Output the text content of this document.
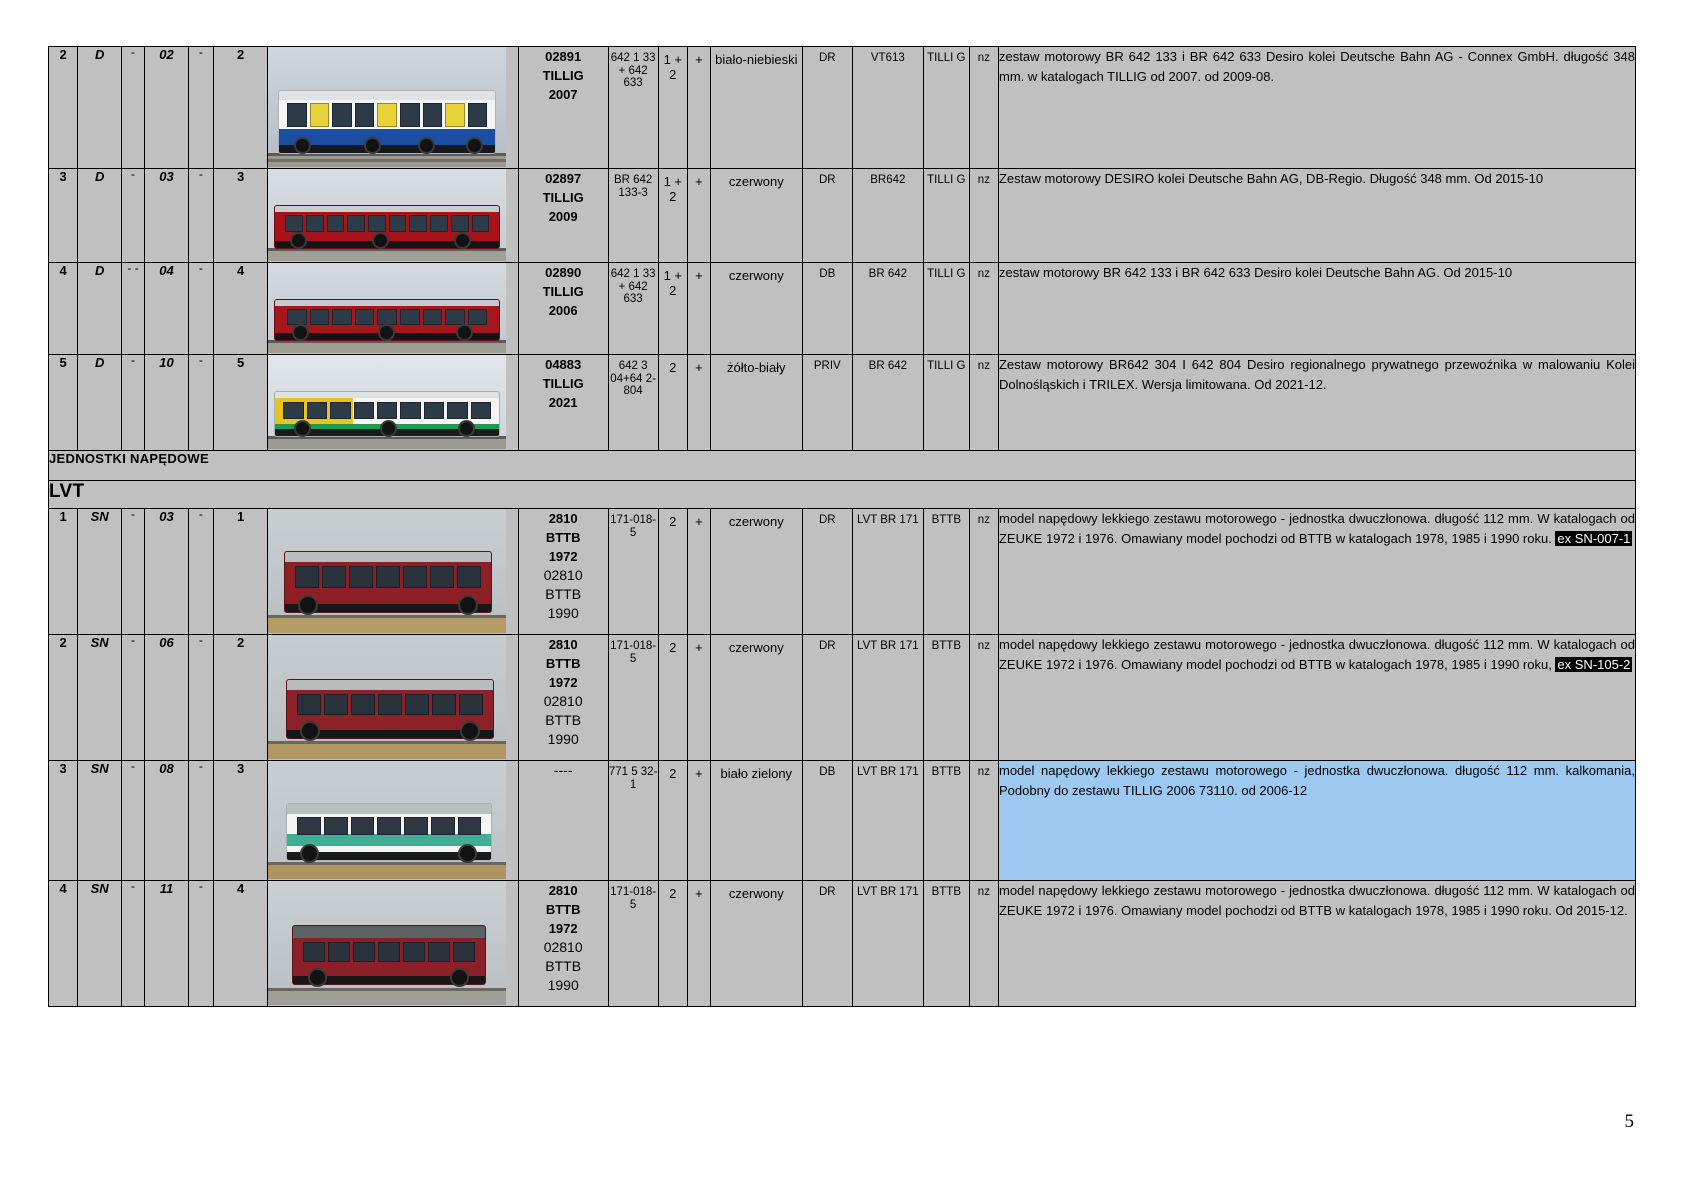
2	D	-	02	-	2		02891
TILLIG
2007	642 1 33 + 642 633	1 + 2	+	biało-niebieski	DR	VT613	TILLI G	nz	zestaw motorowy BR 642 133 i BR 642 633 Desiro kolei Deutsche Bahn AG - Connex GmbH. długość 348 mm. w katalogach TILLIG od 2007. od 2009-08.
3	D	-	03	-	3		02897
TILLIG
2009	BR 642 133-3	1 + 2	+	czerwony	DR	BR642	TILLI G	nz	Zestaw motorowy DESIRO kolei Deutsche Bahn AG, DB-Regio. Długość 348 mm. Od 2015-10
4	D	- -	04	-	4		02890
TILLIG
2006	642 1 33 + 642 633	1 + 2	+	czerwony	DB	BR 642	TILLI G	nz	zestaw motorowy BR 642 133 i BR 642 633 Desiro kolei Deutsche Bahn AG. Od 2015-10
5	D	-	10	-	5		04883
TILLIG
2021	642 3 04+64 2-804	2	+	żółto-biały	PRIV	BR 642	TILLI G	nz	Zestaw motorowy BR642 304 I 642 804 Desiro regionalnego prywatnego przewoźnika w malowaniu Kolei Dolnośląskich i TRILEX. Wersja limitowana. Od 2021-12.
JEDNOSTKI NAPĘDOWE																
LVT																
1	SN	-	03	-	1		2810
BTTB
1972
02810
BTTB
1990
	171-018-5	2	+	czerwony	DR	LVT BR 171	BTTB	nz	model napędowy lekkiego zestawu motorowego - jednostka dwuczłonowa. długość 112 mm. W katalogach od ZEUKE 1972 i 1976. Omawiany model pochodzi od BTTB w katalogach 1978, 1985 i 1990 roku. ex SN-007-1
2	SN	-	06	-	2		2810
BTTB
1972
02810
BTTB
1990
	171-018-5	2	+	czerwony	DR	LVT BR 171	BTTB	nz	model napędowy lekkiego zestawu motorowego - jednostka dwuczłonowa. długość 112 mm. W katalogach od ZEUKE 1972 i 1976. Omawiany model pochodzi od BTTB w katalogach 1978, 1985 i 1990 roku, ex SN-105-2
3	SN	-	08	-	3		----	771 5 32-1	2	+	biało zielony	DB	LVT BR 171	BTTB	nz	model napędowy lekkiego zestawu motorowego - jednostka dwuczłonowa. długość 112 mm. kalkomania, Podobny do zestawu TILLIG 2006 73110. od 2006-12
4	SN	-	11	-	4		2810
BTTB
1972
02810
BTTB
1990
	171-018-5	2	+	czerwony	DR	LVT BR 171	BTTB	nz	model napędowy lekkiego zestawu motorowego - jednostka dwuczłonowa. długość 112 mm. W katalogach od ZEUKE 1972 i 1976. Omawiany model pochodzi od BTTB w katalogach 1978, 1985 i 1990 roku. Od 2015-12.
5
